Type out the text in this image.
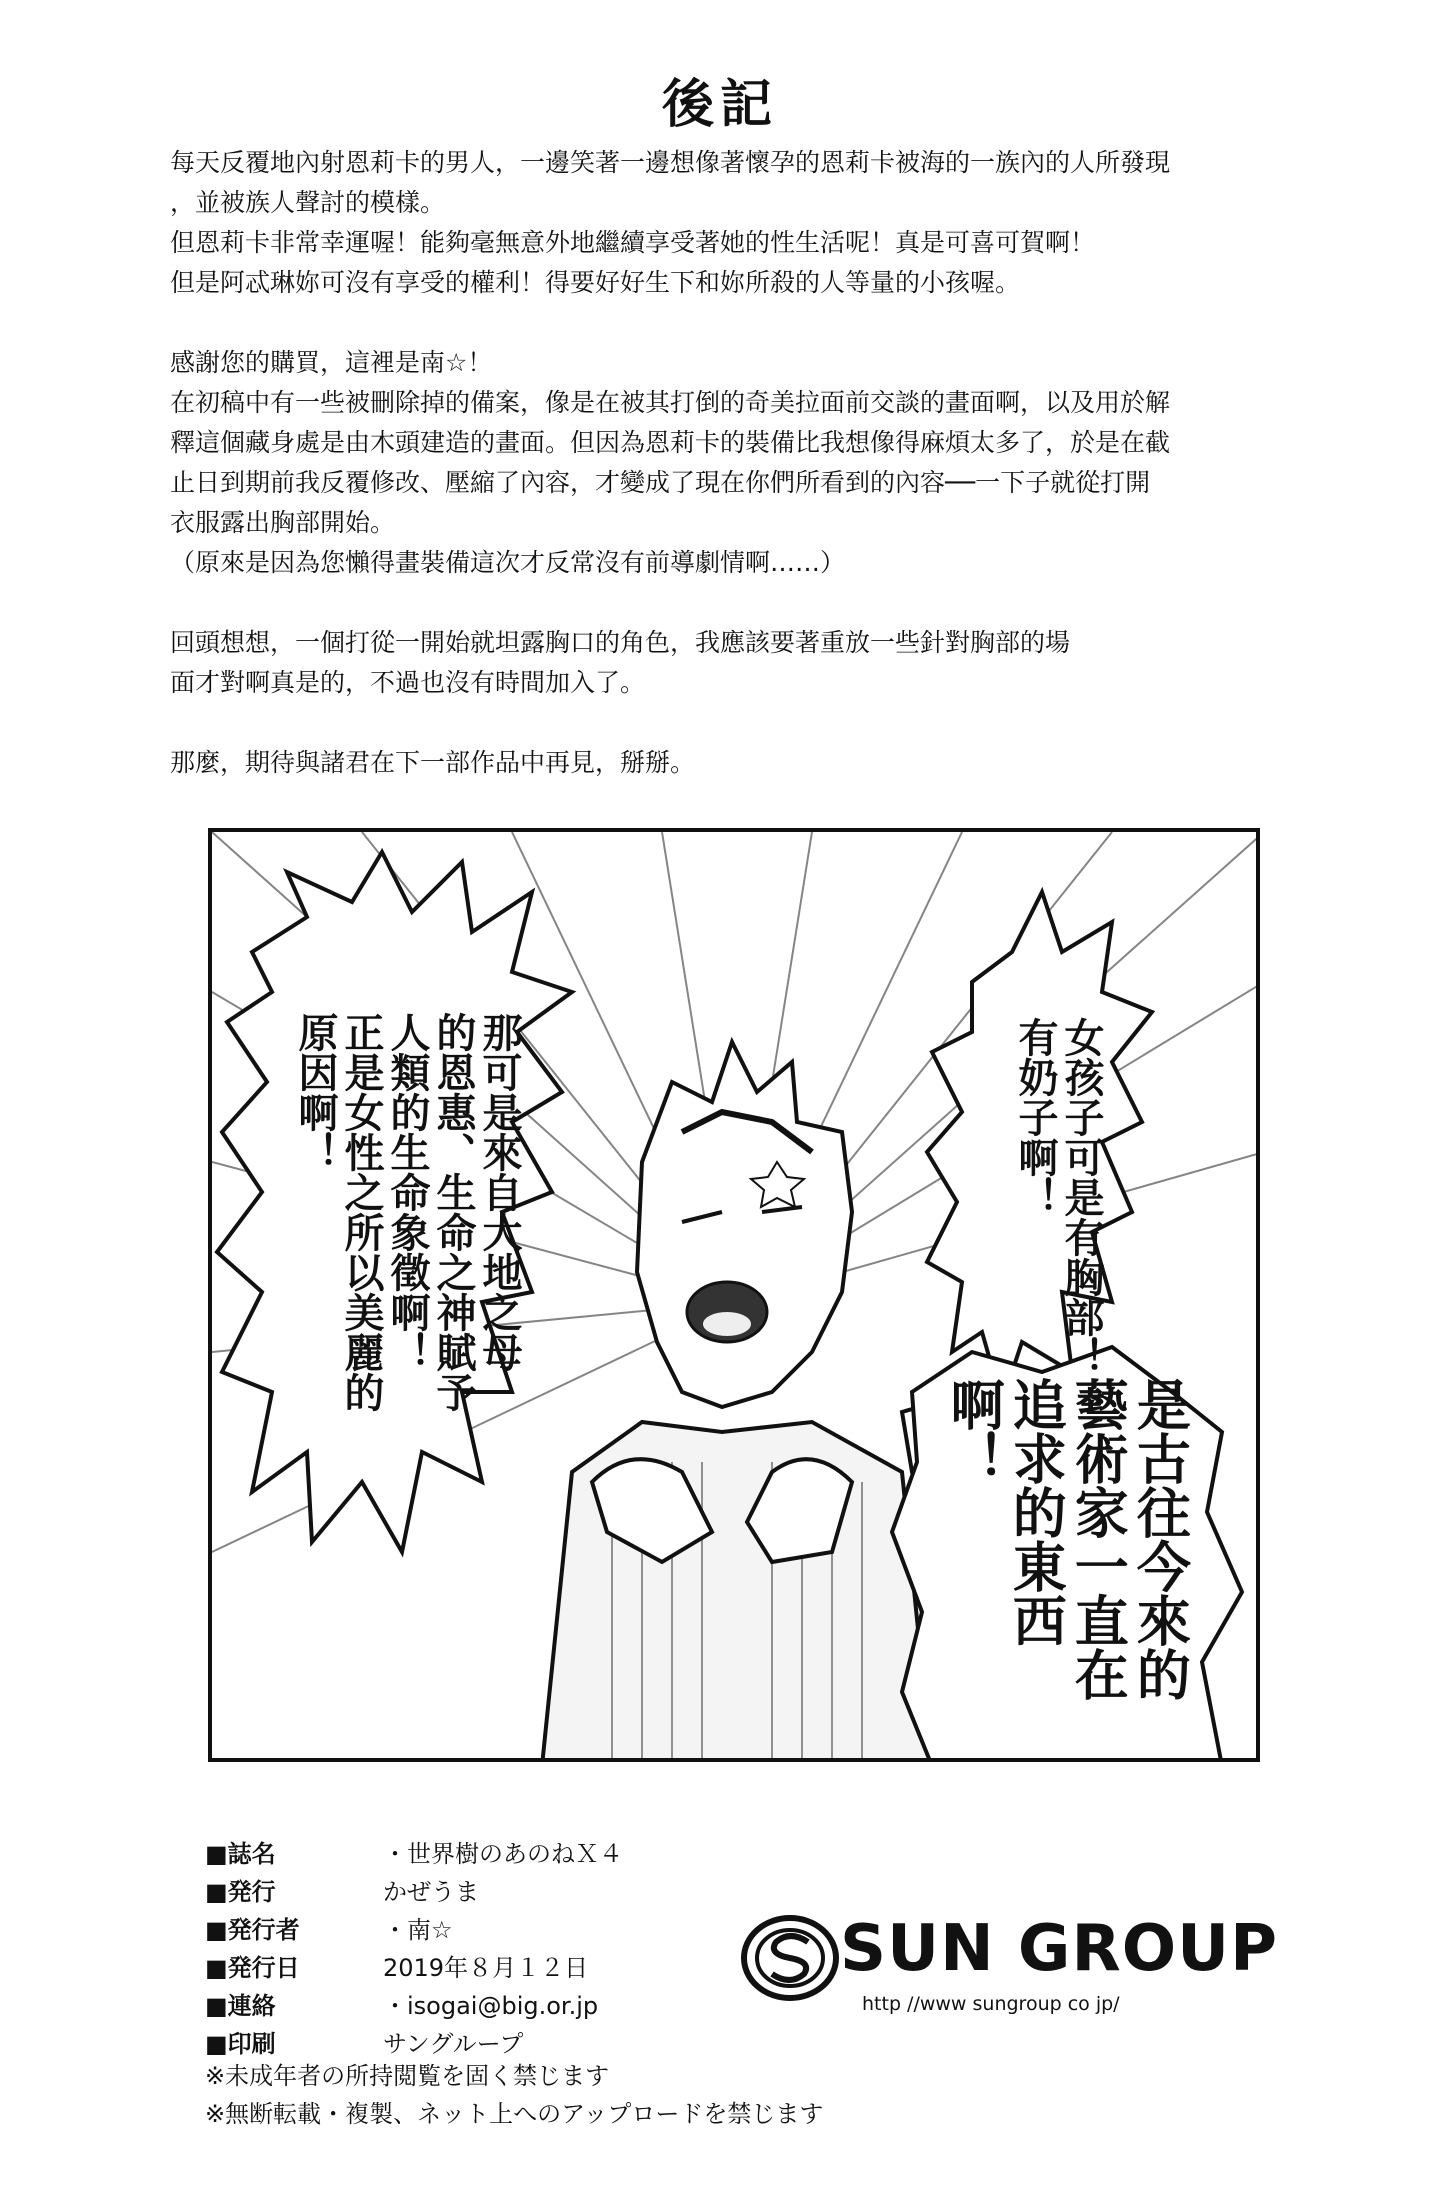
後記

每天反覆地內射恩莉卡的男人，一邊笑著一邊想像著懷孕的恩莉卡被海的一族內的人所發現

，並被族人聲討的模樣。

但恩莉卡非常幸運喔！能夠毫無意外地繼續享受著她的性生活呢！真是可喜可賀啊！

但是阿忒琳妳可沒有享受的權利！得要好好生下和妳所殺的人等量的小孩喔。

感謝您的購買，這裡是南☆！

在初稿中有一些被刪除掉的備案，像是在被其打倒的奇美拉面前交談的畫面啊，以及用於解

釋這個藏身處是由木頭建造的畫面。但因為恩莉卡的裝備比我想像得麻煩太多了，於是在截

止日到期前我反覆修改、壓縮了內容，才變成了現在你們所看到的內容──一下子就從打開

衣服露出胸部開始。

（原來是因為您懶得畫裝備這次才反常沒有前導劇情啊……）

回頭想想，一個打從一開始就坦露胸口的角色，我應該要著重放一些針對胸部的場

面才對啊真是的，不過也沒有時間加入了。

那麼，期待與諸君在下一部作品中再見，掰掰。

女孩子可是有胸部！
有奶子啊！
那可是來自大地之母
的恩惠、生命之神賦予
人類的生命象徵啊！
正是女性之所以美麗的
原因啊！
是古往今來的
藝術家一直在
追求的東西啊！
■誌名	・世界樹のあのねＸ４
■発行	かぜうま
■発行者	・南☆
■発行日	2019年８月１２日
■連絡	・isogai@big.or.jp
■印刷	サングループ
SUN GROUP
http //www sungroup co jp/
※未成年者の所持閲覧を固く禁じます
※無断転載・複製、ネット上へのアップロードを禁じます
